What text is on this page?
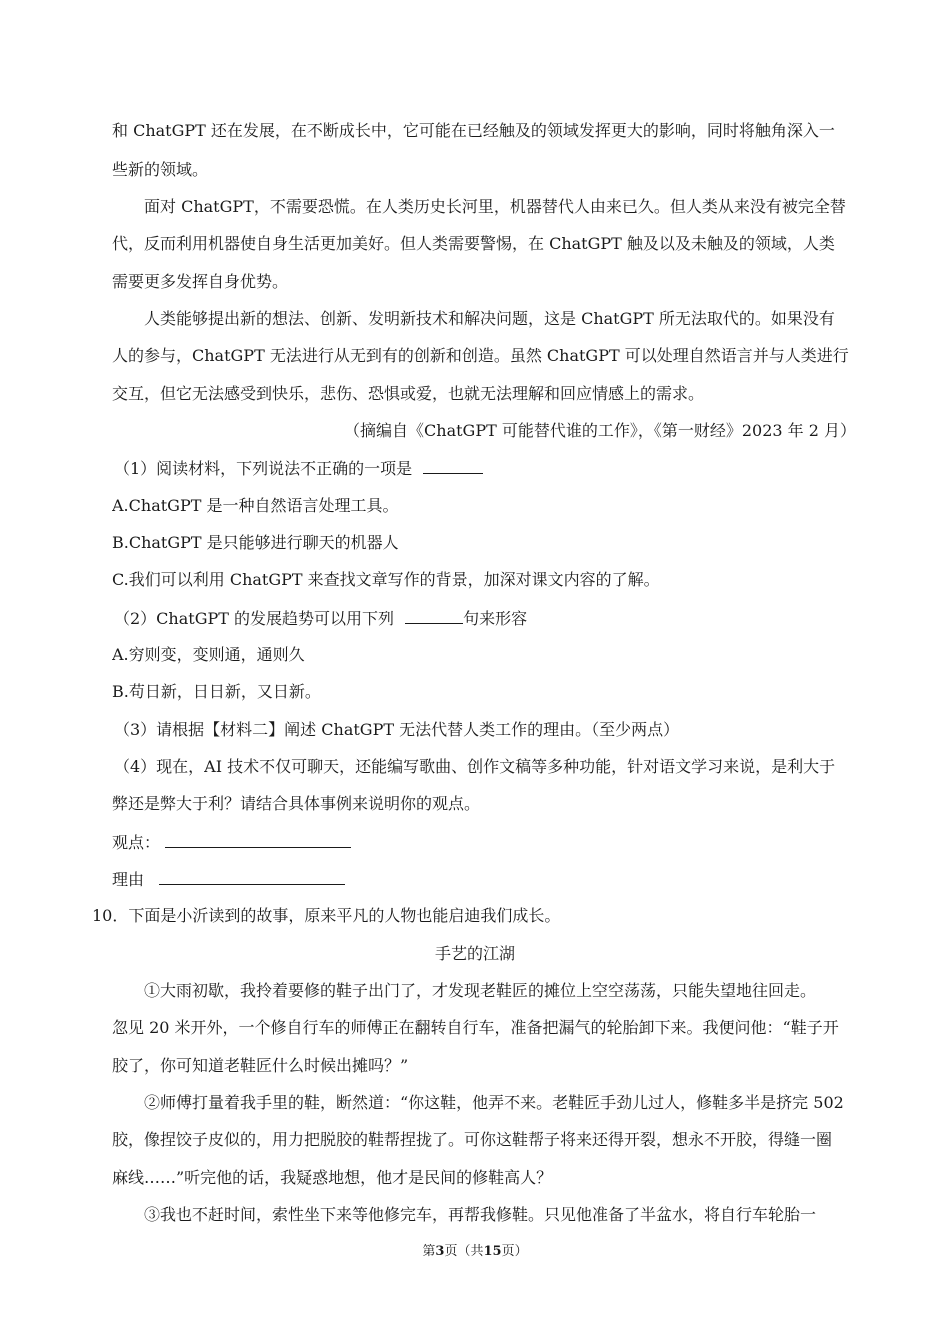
和 ChatGPT 还在发展，在不断成长中，它可能在已经触及的领域发挥更大的影响，同时将触角深入一
些新的领域。
面对 ChatGPT，不需要恐慌。在人类历史长河里，机器替代人由来已久。但人类从来没有被完全替
代，反而利用机器使自身生活更加美好。但人类需要警惕，在 ChatGPT 触及以及未触及的领域，人类
需要更多发挥自身优势。
人类能够提出新的想法、创新、发明新技术和解决问题，这是 ChatGPT 所无法取代的。如果没有
人的参与，ChatGPT 无法进行从无到有的创新和创造。虽然 ChatGPT 可以处理自然语言并与人类进行
交互，但它无法感受到快乐，悲伤、恐惧或爱，也就无法理解和回应情感上的需求。
（摘编自《ChatGPT 可能替代谁的工作》，《第一财经》2023 年 2 月）
（1）阅读材料，下列说法不正确的一项是
A.ChatGPT 是一种自然语言处理工具。
B.ChatGPT 是只能够进行聊天的机器人
C.我们可以利用 ChatGPT 来查找文章写作的背景，加深对课文内容的了解。
（2）ChatGPT 的发展趋势可以用下列	句来形容
A.穷则变，变则通，通则久
B.苟日新，日日新，又日新。
（3）请根据【材料二】阐述 ChatGPT 无法代替人类工作的理由。（至少两点）
（4）现在，AI 技术不仅可聊天，还能编写歌曲、创作文稿等多种功能，针对语文学习来说，是利大于
弊还是弊大于利？请结合具体事例来说明你的观点。
观点：
理由
10．下面是小沂读到的故事，原来平凡的人物也能启迪我们成长。
手艺的江湖
①大雨初歇，我拎着要修的鞋子出门了，才发现老鞋匠的摊位上空空荡荡，只能失望地往回走。
忽见 20 米开外，一个修自行车的师傅正在翻转自行车，准备把漏气的轮胎卸下来。我便问他：“鞋子开
胶了，你可知道老鞋匠什么时候出摊吗？”
②师傅打量着我手里的鞋，断然道：“你这鞋，他弄不来。老鞋匠手劲儿过人，修鞋多半是挤完 502
胶，像捏饺子皮似的，用力把脱胶的鞋帮捏拢了。可你这鞋帮子将来还得开裂，想永不开胶，得缝一圈
麻线……”听完他的话，我疑惑地想，他才是民间的修鞋高人？
③我也不赶时间，索性坐下来等他修完车，再帮我修鞋。只见他准备了半盆水，将自行车轮胎一
第3页（共15页）
